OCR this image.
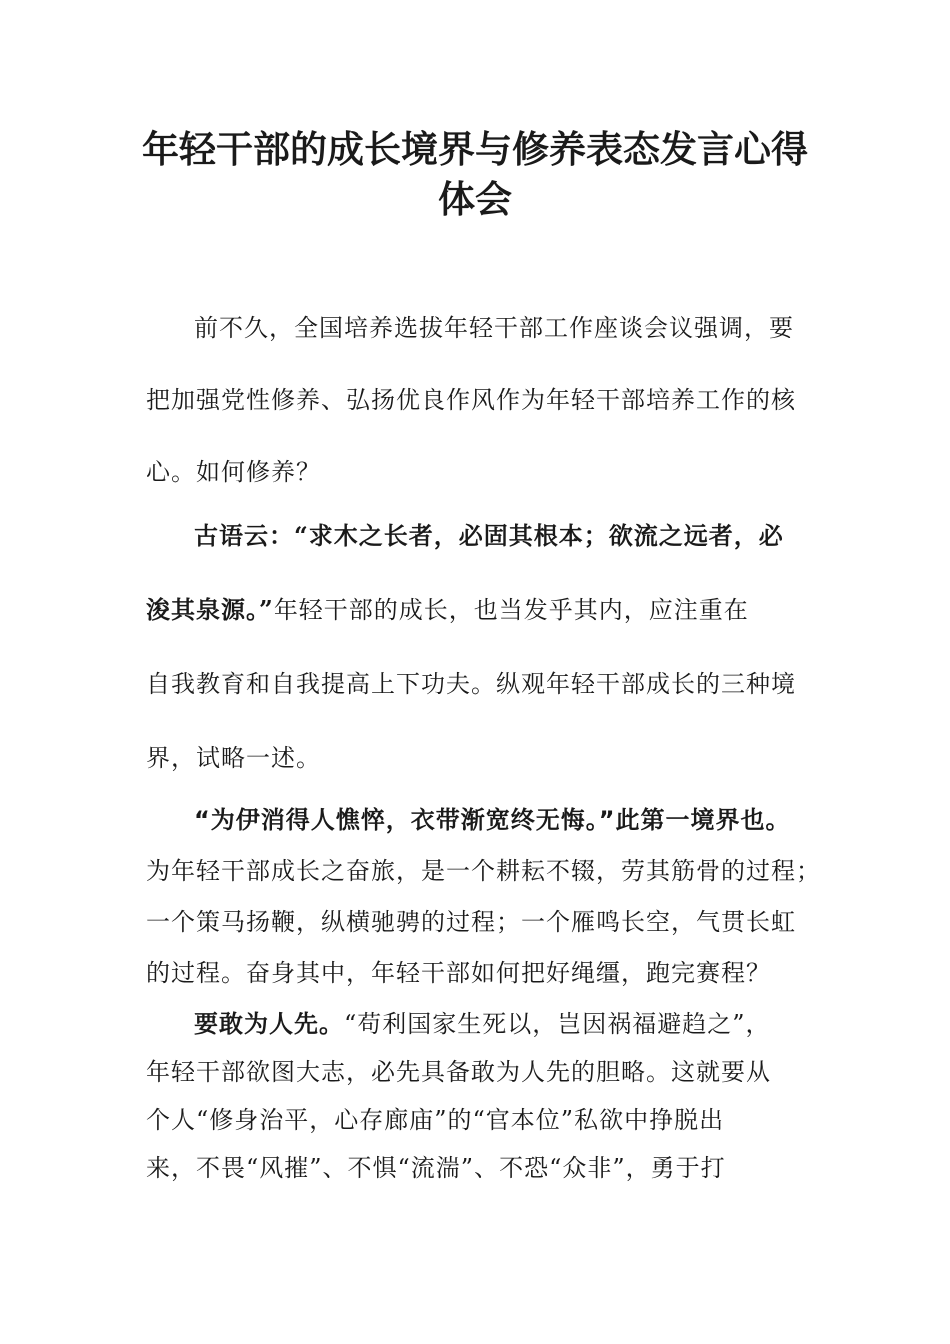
年轻干部的成长境界与修养表态发言心得
体会
前不久，全国培养选拔年轻干部工作座谈会议强调，要
把加强党性修养、弘扬优良作风作为年轻干部培养工作的核
心。如何修养？
古语云：“求木之长者，必固其根本；欲流之远者，必
浚其泉源。”年轻干部的成长，也当发乎其内，应注重在
自我教育和自我提高上下功夫。纵观年轻干部成长的三种境
界，试略一述。
“为伊消得人憔悴，衣带渐宽终无悔。”此第一境界也。
为年轻干部成长之奋旅，是一个耕耘不辍，劳其筋骨的过程；
一个策马扬鞭，纵横驰骋的过程；一个雁鸣长空，气贯长虹
的过程。奋身其中，年轻干部如何把好绳缰，跑完赛程？
要敢为人先。“苟利国家生死以，岂因祸福避趋之”，
年轻干部欲图大志，必先具备敢为人先的胆略。这就要从
个人“修身治平，心存廊庙”的“官本位”私欲中挣脱出
来，不畏“风摧”、不惧“流湍”、不恐“众非”，勇于打
